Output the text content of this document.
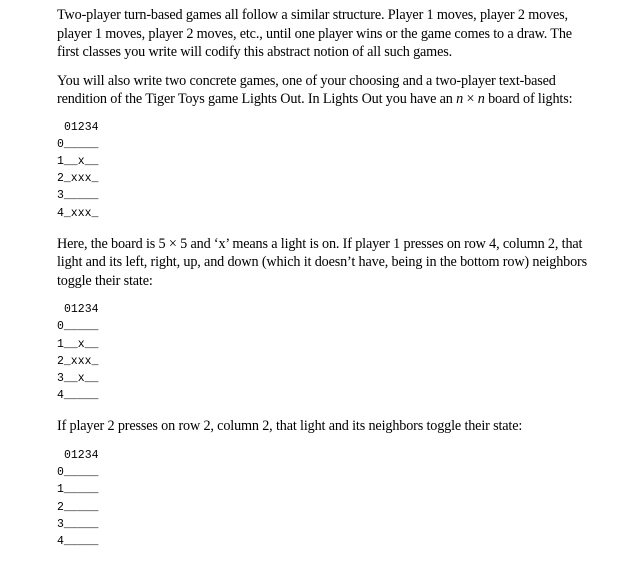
Two-player turn-based games all follow a similar structure. Player 1 moves, player 2 moves,
player 1 moves, player 2 moves, etc., until one player wins or the game comes to a draw. The
first classes you write will codify this abstract notion of all such games.

You will also write two concrete games, one of your choosing and a two-player text-based
rendition of the Tiger Toys game Lights Out. In Lights Out you have an n × n board of lights:

01234
0_____
1__x__
2_xxx_
3_____
4_xxx_

Here, the board is 5 × 5 and ‘x’ means a light is on. If player 1 presses on row 4, column 2, that
light and its left, right, up, and down (which it doesn’t have, being in the bottom row) neighbors
toggle their state:

01234
0_____
1__x__
2_xxx_
3__x__
4_____

If player 2 presses on row 2, column 2, that light and its neighbors toggle their state:

01234
0_____
1_____
2_____
3_____
4_____
